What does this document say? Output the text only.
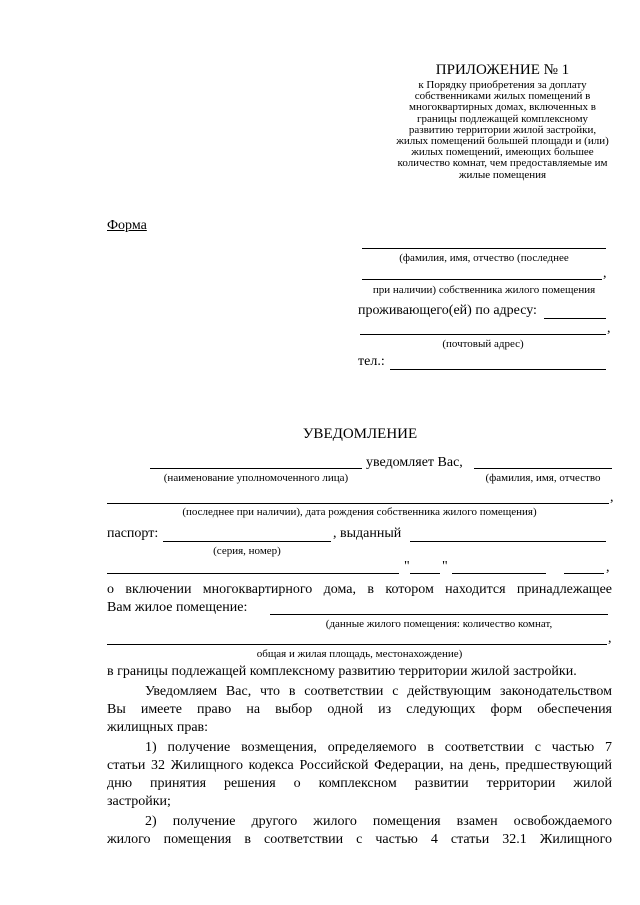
ПРИЛОЖЕНИЕ № 1
к Порядку приобретения за доплату собственниками жилых помещений в многоквартирных домах, включенных в границы подлежащей комплексному развитию территории жилой застройки, жилых помещений большей площади и (или) жилых помещений, имеющих большее количество комнат, чем предоставляемые им жилые помещения
Форма
(фамилия, имя, отчество (последнее
,
при наличии) собственника жилого помещения
проживающего(ей) по адресу:
,
(почтовый адрес)
тел.:
УВЕДОМЛЕНИЕ
уведомляет Вас,
(наименование уполномоченного лица)	(фамилия, имя, отчество
,
(последнее при наличии), дата рождения собственника жилого помещения)
паспорт:	, выданный
(серия, номер)
" "	,
о включении многоквартирного дома, в котором находится принадлежащее
Вам жилое помещение:
(данные жилого помещения: количество комнат,
,
общая и жилая площадь, местонахождение)
в границы подлежащей комплексному развитию территории жилой застройки.
Уведомляем Вас, что в соответствии с действующим законодательством
Вы имеете право на выбор одной из следующих форм обеспечения
жилищных прав:
1) получение возмещения, определяемого в соответствии с частью 7
статьи 32 Жилищного кодекса Российской Федерации, на день, предшествующий
дню принятия решения о комплексном развитии территории жилой
застройки;
2) получение другого жилого помещения взамен освобождаемого
жилого помещения в соответствии с частью 4 статьи 32.1 Жилищного
